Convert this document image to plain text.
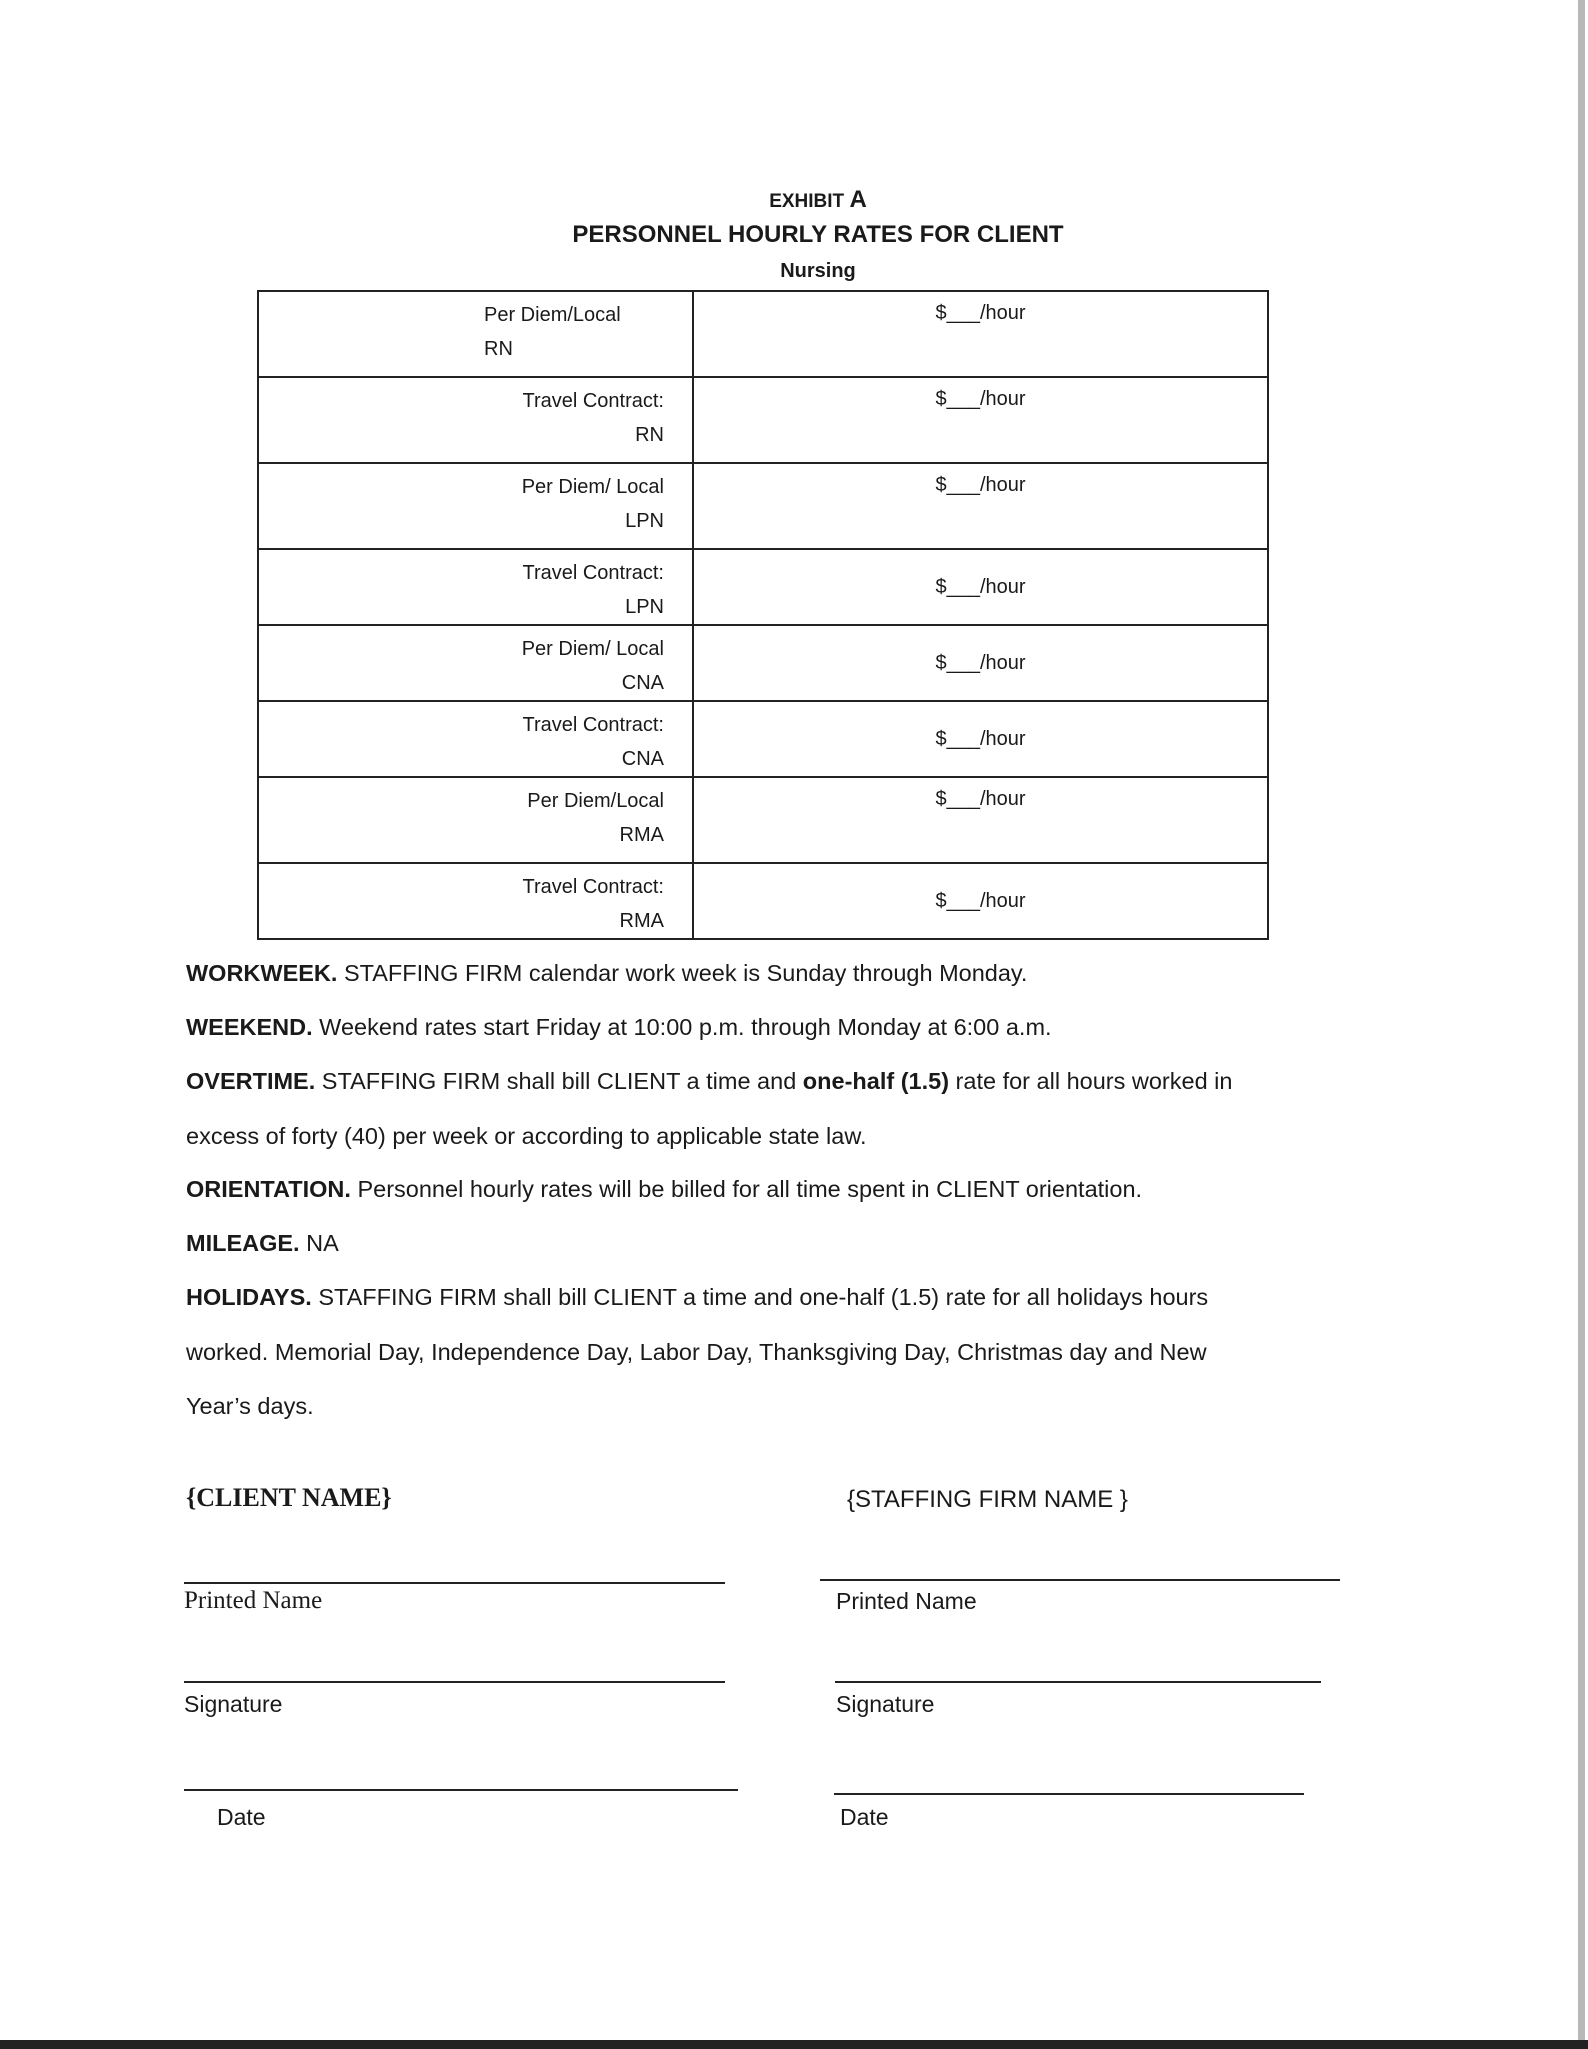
EXHIBIT A
PERSONNEL HOURLY RATES FOR CLIENT
Nursing
Per Diem/Local
RN	$___/hour

Travel Contract:
RN	$___/hour

Per Diem/ Local
LPN	$___/hour

Travel Contract:
LPN	$___/hour

Per Diem/ Local
CNA	$___/hour

Travel Contract:
CNA	$___/hour

Per Diem/Local
RMA	$___/hour

Travel Contract:
RMA	$___/hour
WORKWEEK. STAFFING FIRM calendar work week is Sunday through Monday.
WEEKEND. Weekend rates start Friday at 10:00 p.m. through Monday at 6:00 a.m.
OVERTIME. STAFFING FIRM shall bill CLIENT a time and one-half (1.5) rate for all hours worked in
excess of forty (40) per week or according to applicable state law.
ORIENTATION. Personnel hourly rates will be billed for all time spent in CLIENT orientation.
MILEAGE. NA
HOLIDAYS. STAFFING FIRM shall bill CLIENT a time and one-half (1.5) rate for all holidays hours
worked. Memorial Day, Independence Day, Labor Day, Thanksgiving Day, Christmas day and New
Year’s days.
{CLIENT NAME}	{STAFFING FIRM NAME }
Printed Name	Printed Name
Signature	Signature
Date	Date
